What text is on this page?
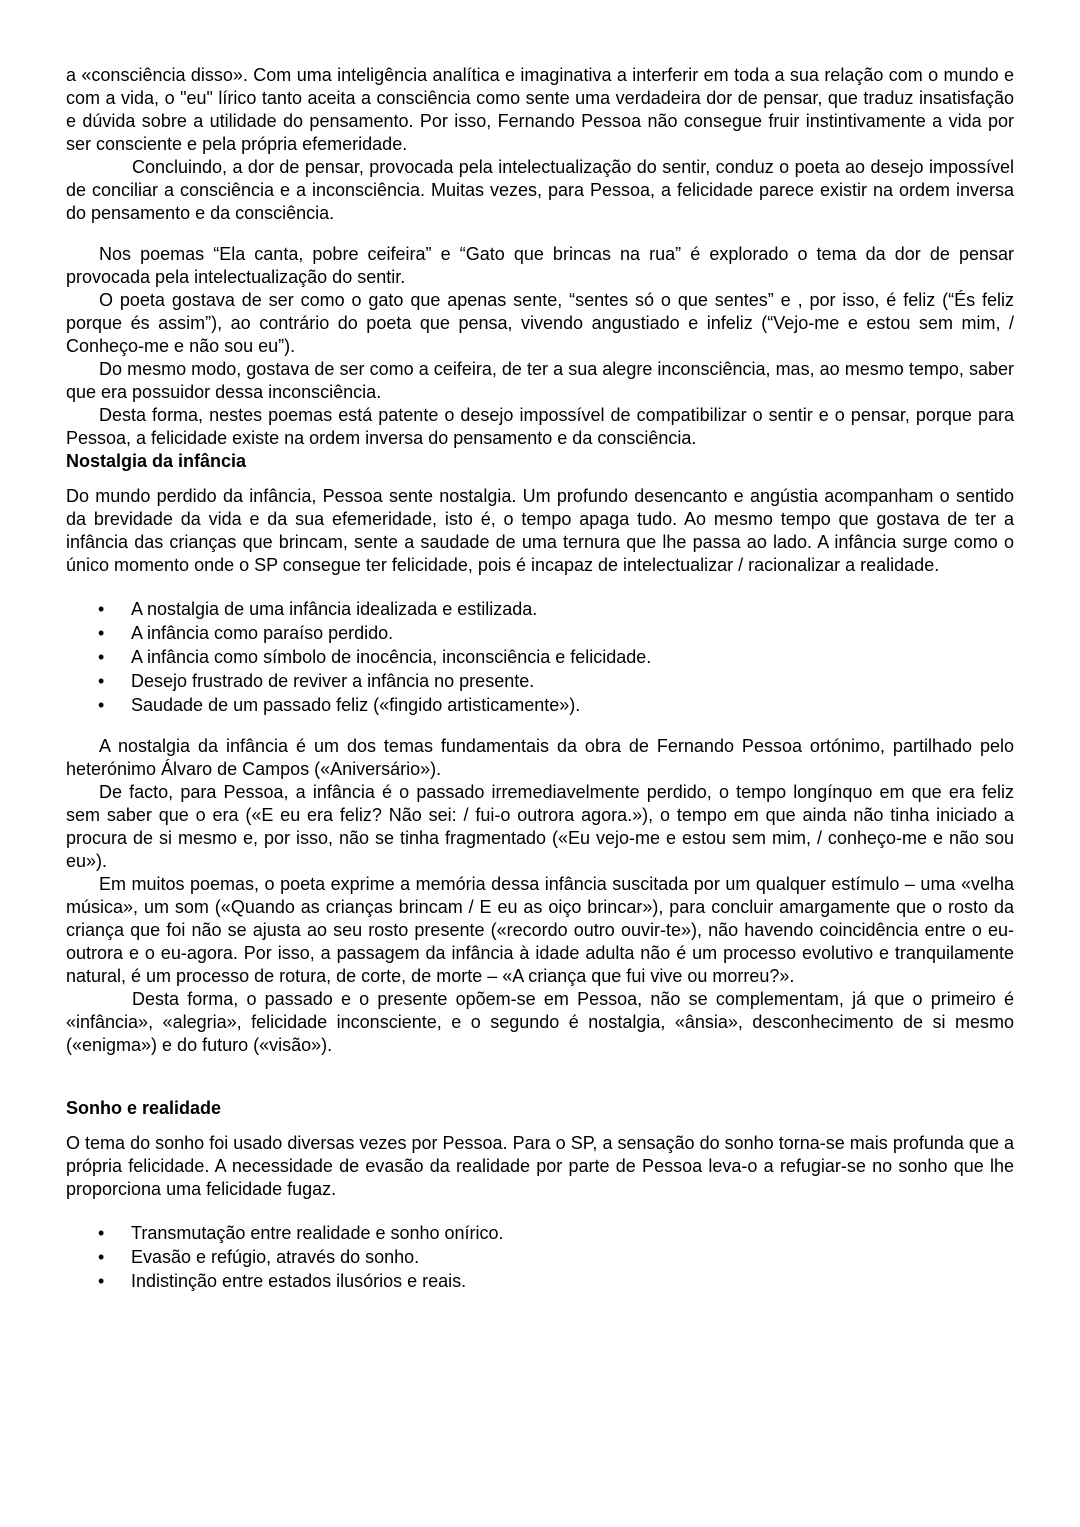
a «consciência disso». Com uma inteligência analítica e imaginativa a interferir em toda a sua relação com o mundo e com a vida, o "eu" lírico tanto aceita a consciência como sente uma verdadeira dor de pensar, que traduz insatisfação e dúvida sobre a utilidade do pensamento. Por isso, Fernando Pessoa não consegue fruir instintivamente a vida por ser consciente e pela própria efemeridade.

Concluindo, a dor de pensar, provocada pela intelectualização do sentir, conduz o poeta ao desejo impossível de conciliar a consciência e a inconsciência. Muitas vezes, para Pessoa, a felicidade parece existir na ordem inversa do pensamento e da consciência.

Nos poemas “Ela canta, pobre ceifeira” e “Gato que brincas na rua” é explorado o tema da dor de pensar provocada pela intelectualização do sentir.

O poeta gostava de ser como o gato que apenas sente, “sentes só o que sentes” e , por isso, é feliz (“És feliz porque és assim”), ao contrário do poeta que pensa, vivendo angustiado e infeliz (“Vejo-me e estou sem mim, / Conheço-me e não sou eu”).

Do mesmo modo, gostava de ser como a ceifeira, de ter a sua alegre inconsciência, mas, ao mesmo tempo, saber que era possuidor dessa inconsciência.

Desta forma, nestes poemas está patente o desejo impossível de compatibilizar o sentir e o pensar, porque para Pessoa, a felicidade existe na ordem inversa do pensamento e da consciência.

Nostalgia da infância

Do mundo perdido da infância, Pessoa sente nostalgia. Um profundo desencanto e angústia acompanham o sentido da brevidade da vida e da sua efemeridade, isto é, o tempo apaga tudo. Ao mesmo tempo que gostava de ter a infância das crianças que brincam, sente a saudade de uma ternura que lhe passa ao lado. A infância surge como o único momento onde o SP consegue ter felicidade, pois é incapaz de intelectualizar / racionalizar a realidade.

• A nostalgia de uma infância idealizada e estilizada.
• A infância como paraíso perdido.
• A infância como símbolo de inocência, inconsciência e felicidade.
• Desejo frustrado de reviver a infância no presente.
• Saudade de um passado feliz («fingido artisticamente»).

A nostalgia da infância é um dos temas fundamentais da obra de Fernando Pessoa ortónimo, partilhado pelo heterónimo Álvaro de Campos («Aniversário»).

De facto, para Pessoa, a infância é o passado irremediavelmente perdido, o tempo longínquo em que era feliz sem saber que o era («E eu era feliz? Não sei: / fui-o outrora agora.»), o tempo em que ainda não tinha iniciado a procura de si mesmo e, por isso, não se tinha fragmentado («Eu vejo-me e estou sem mim, / conheço-me e não sou eu»).

Em muitos poemas, o poeta exprime a memória dessa infância suscitada por um qualquer estímulo – uma «velha música», um som («Quando as crianças brincam / E eu as oiço brincar»), para concluir amargamente que o rosto da criança que foi não se ajusta ao seu rosto presente («recordo outro ouvir-te»), não havendo coincidência entre o eu-outrora e o eu-agora. Por isso, a passagem da infância à idade adulta não é um processo evolutivo e tranquilamente natural, é um processo de rotura, de corte, de morte – «A criança que fui vive ou morreu?».

Desta forma, o passado e o presente opõem-se em Pessoa, não se complementam, já que o primeiro é «infância», «alegria», felicidade inconsciente, e o segundo é nostalgia, «ânsia», desconhecimento de si mesmo («enigma») e do futuro («visão»).

Sonho e realidade

O tema do sonho foi usado diversas vezes por Pessoa. Para o SP, a sensação do sonho torna-se mais profunda que a própria felicidade. A necessidade de evasão da realidade por parte de Pessoa leva-o a refugiar-se no sonho que lhe proporciona uma felicidade fugaz.

• Transmutação entre realidade e sonho onírico.
• Evasão e refúgio, através do sonho.
• Indistinção entre estados ilusórios e reais.
